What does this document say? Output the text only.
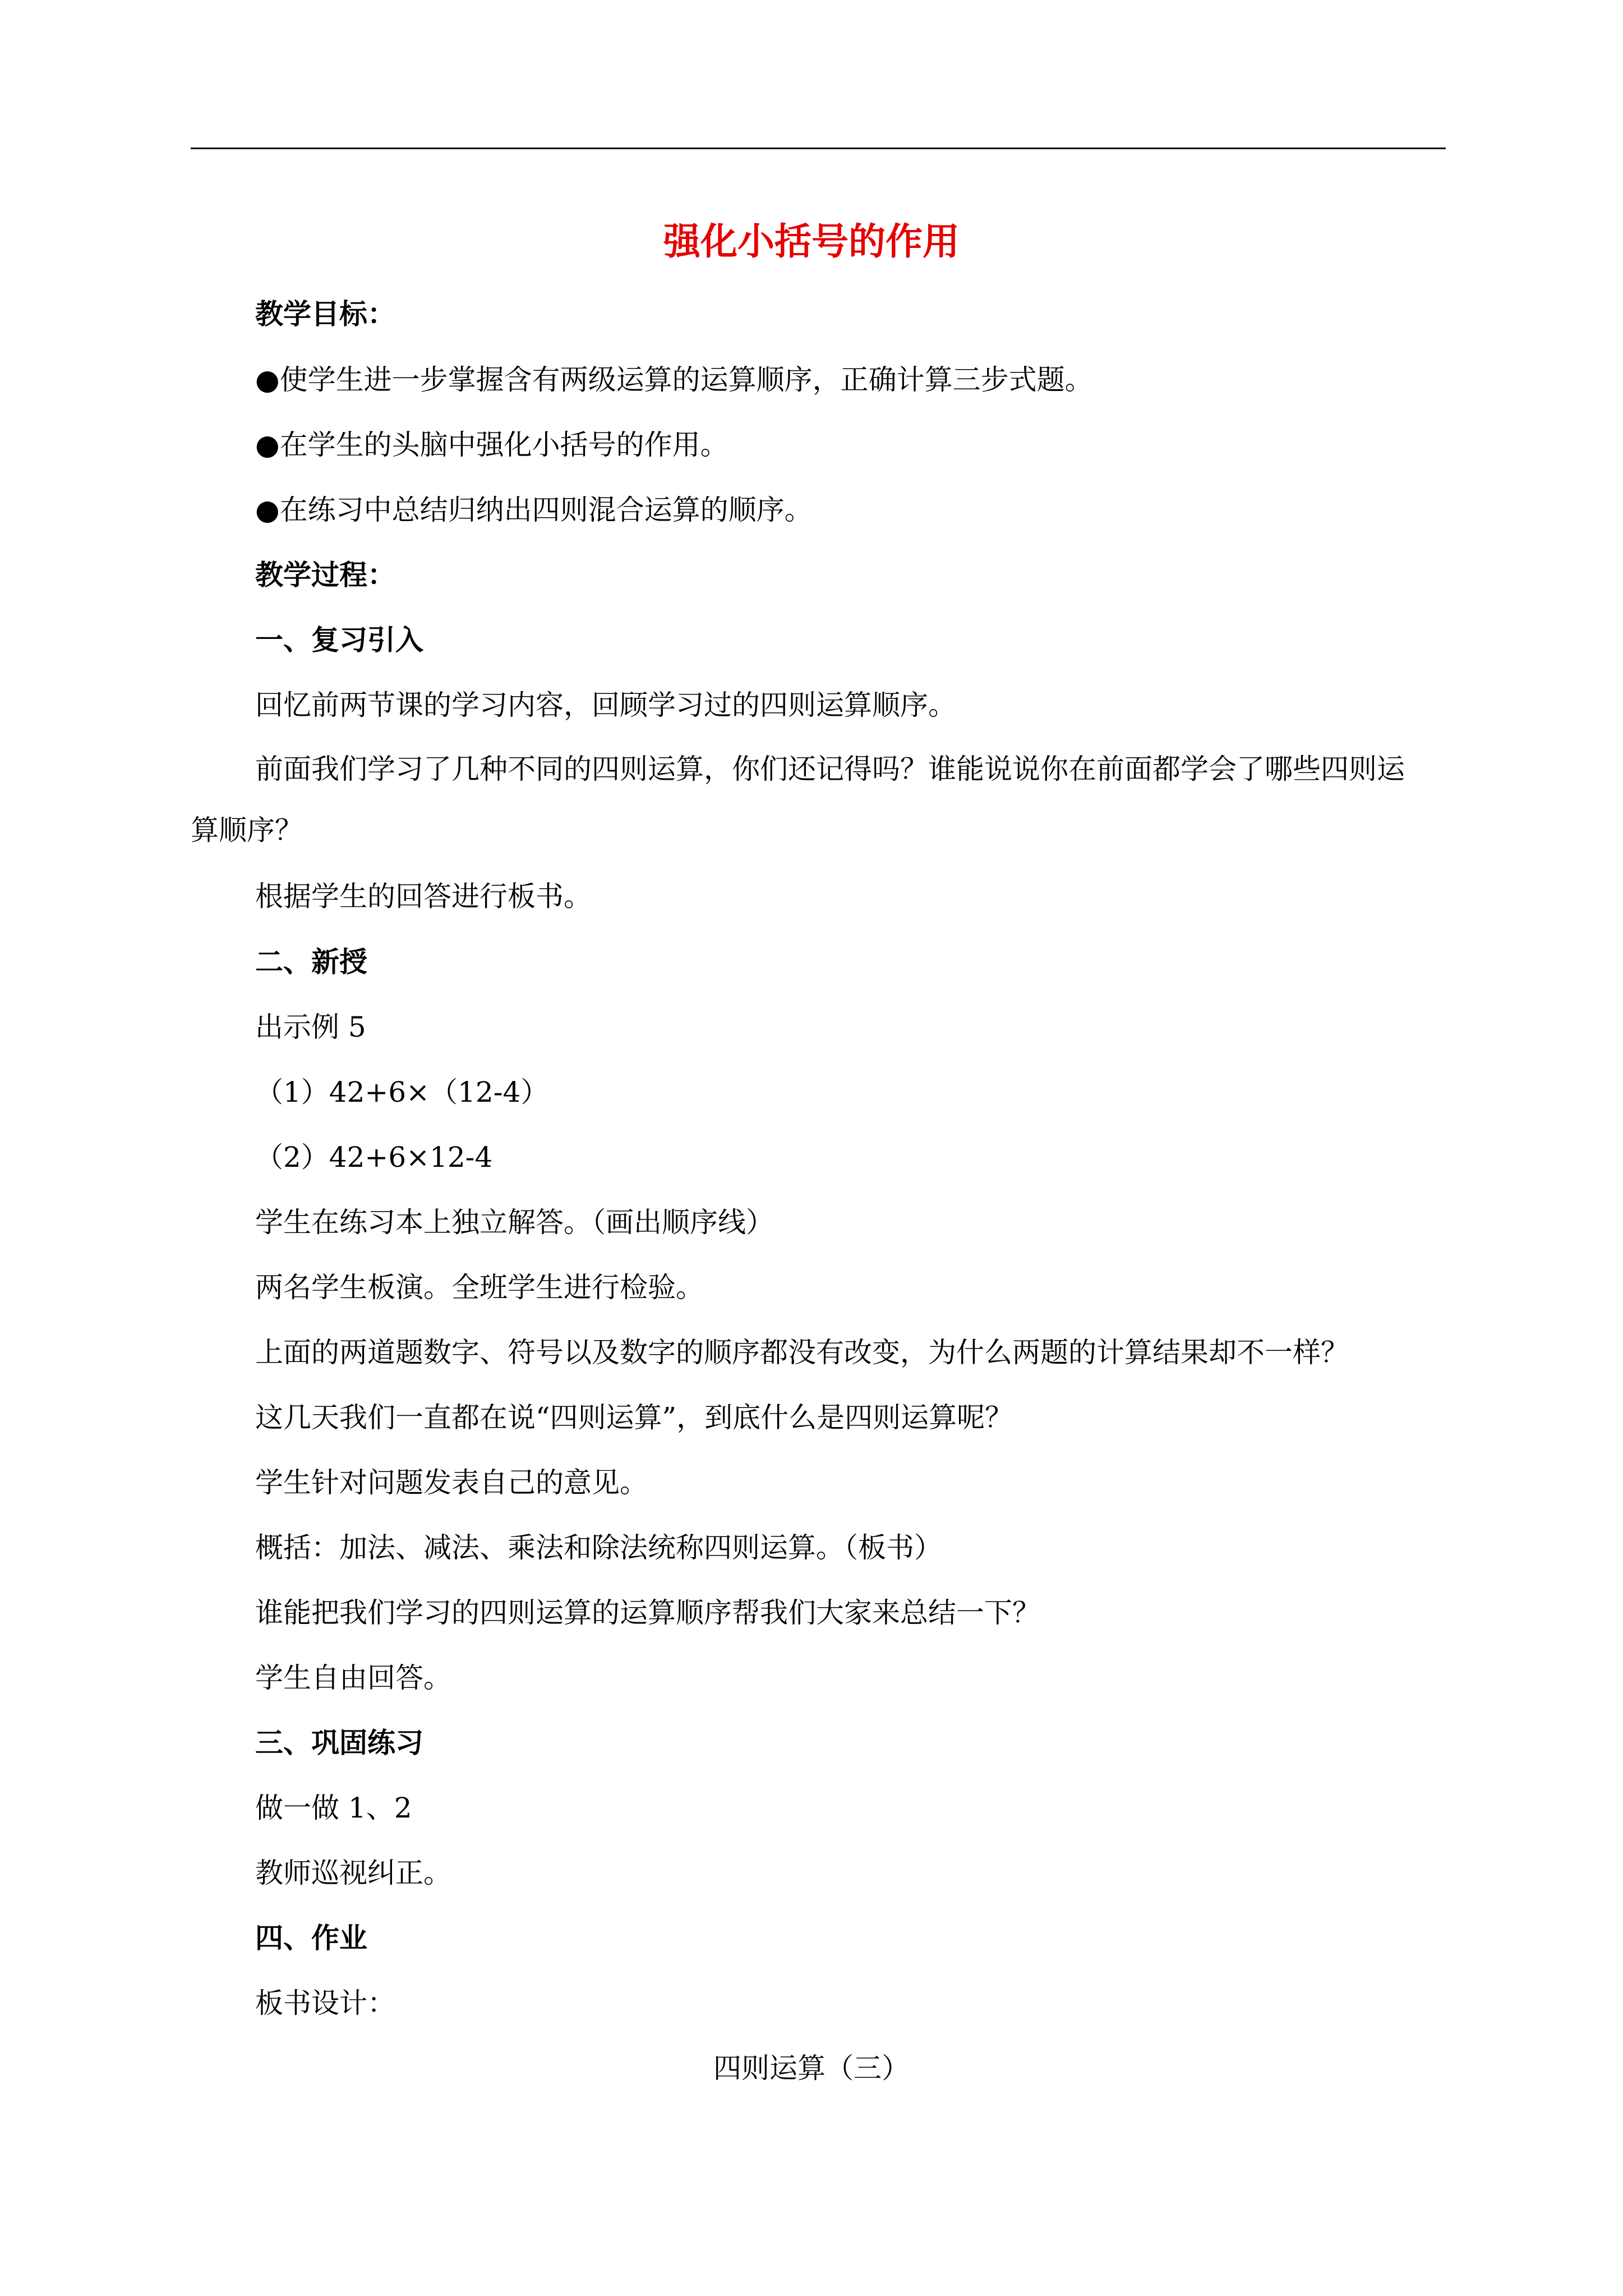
强化小括号的作用
教学目标：
●使学生进一步掌握含有两级运算的运算顺序，正确计算三步式题。
●在学生的头脑中强化小括号的作用。
●在练习中总结归纳出四则混合运算的顺序。
教学过程：
一、复习引入
回忆前两节课的学习内容，回顾学习过的四则运算顺序。
前面我们学习了几种不同的四则运算，你们还记得吗？谁能说说你在前面都学会了哪些四则运
算顺序？
根据学生的回答进行板书。
二、新授
出示例 5
（1）42+6×（12-4）
（2）42+6×12-4
学生在练习本上独立解答。（画出顺序线）
两名学生板演。全班学生进行检验。
上面的两道题数字、符号以及数字的顺序都没有改变，为什么两题的计算结果却不一样？
这几天我们一直都在说“四则运算”，到底什么是四则运算呢？
学生针对问题发表自己的意见。
概括：加法、减法、乘法和除法统称四则运算。（板书）
谁能把我们学习的四则运算的运算顺序帮我们大家来总结一下？
学生自由回答。
三、巩固练习
做一做 1、2
教师巡视纠正。
四、作业
板书设计：
四则运算（三）
